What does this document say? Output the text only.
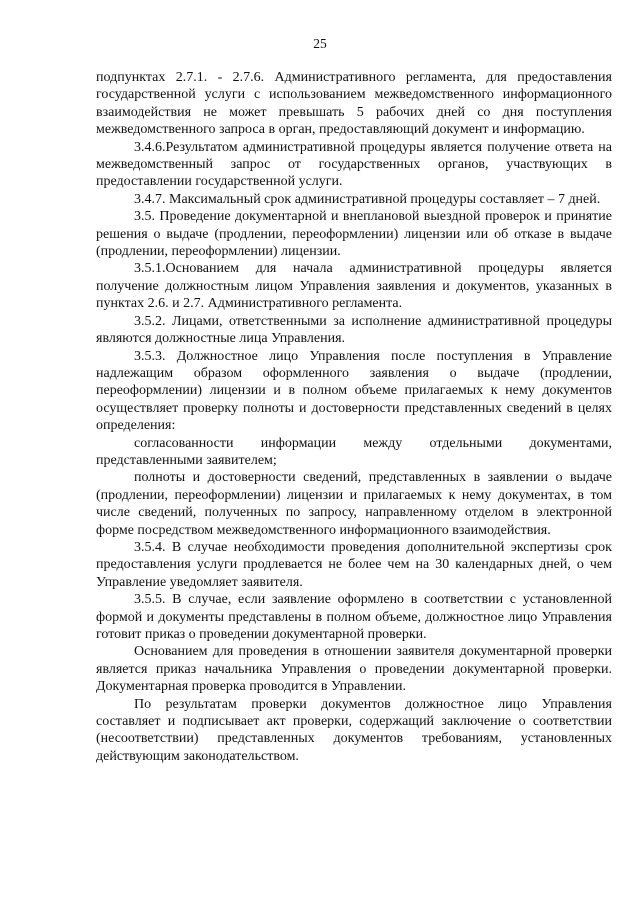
25

подпунктах 2.7.1. - 2.7.6. Административного регламента, для предоставления государственной услуги с использованием межведомственного информационного взаимодействия не может превышать 5 рабочих дней со дня поступления межведомственного запроса в орган, предоставляющий документ и информацию.

3.4.6.Результатом административной процедуры является получение ответа на межведомственный запрос от государственных органов, участвующих в предоставлении государственной услуги.

3.4.7. Максимальный срок административной процедуры составляет – 7 дней.

3.5. Проведение документарной и внеплановой выездной проверок и принятие решения о выдаче (продлении, переоформлении) лицензии или об отказе в выдаче (продлении, переоформлении) лицензии.

3.5.1.Основанием для начала административной процедуры является получение должностным лицом Управления заявления и документов, указанных в пунктах 2.6. и 2.7. Административного регламента.

3.5.2. Лицами, ответственными за исполнение административной процедуры являются должностные лица Управления.

3.5.3. Должностное лицо Управления после поступления в Управление надлежащим образом оформленного заявления о выдаче (продлении, переоформлении) лицензии и в полном объеме прилагаемых к нему документов осуществляет проверку полноты и достоверности представленных сведений в целях определения:

согласованности информации между отдельными документами, представленными заявителем;

полноты и достоверности сведений, представленных в заявлении о выдаче (продлении, переоформлении) лицензии и прилагаемых к нему документах, в том числе сведений, полученных по запросу, направленному отделом в электронной форме посредством межведомственного информационного взаимодействия.

3.5.4. В случае необходимости проведения дополнительной экспертизы срок предоставления услуги продлевается не более чем на 30 календарных дней, о чем Управление уведомляет заявителя.

3.5.5. В случае, если заявление оформлено в соответствии с установленной формой и документы представлены в полном объеме, должностное лицо Управления готовит приказ о проведении документарной проверки.

Основанием для проведения в отношении заявителя документарной проверки является приказ начальника Управления о проведении документарной проверки. Документарная проверка проводится в Управлении.

По результатам проверки документов должностное лицо Управления составляет и подписывает акт проверки, содержащий заключение о соответствии (несоответствии) представленных документов требованиям, установленных действующим законодательством.
